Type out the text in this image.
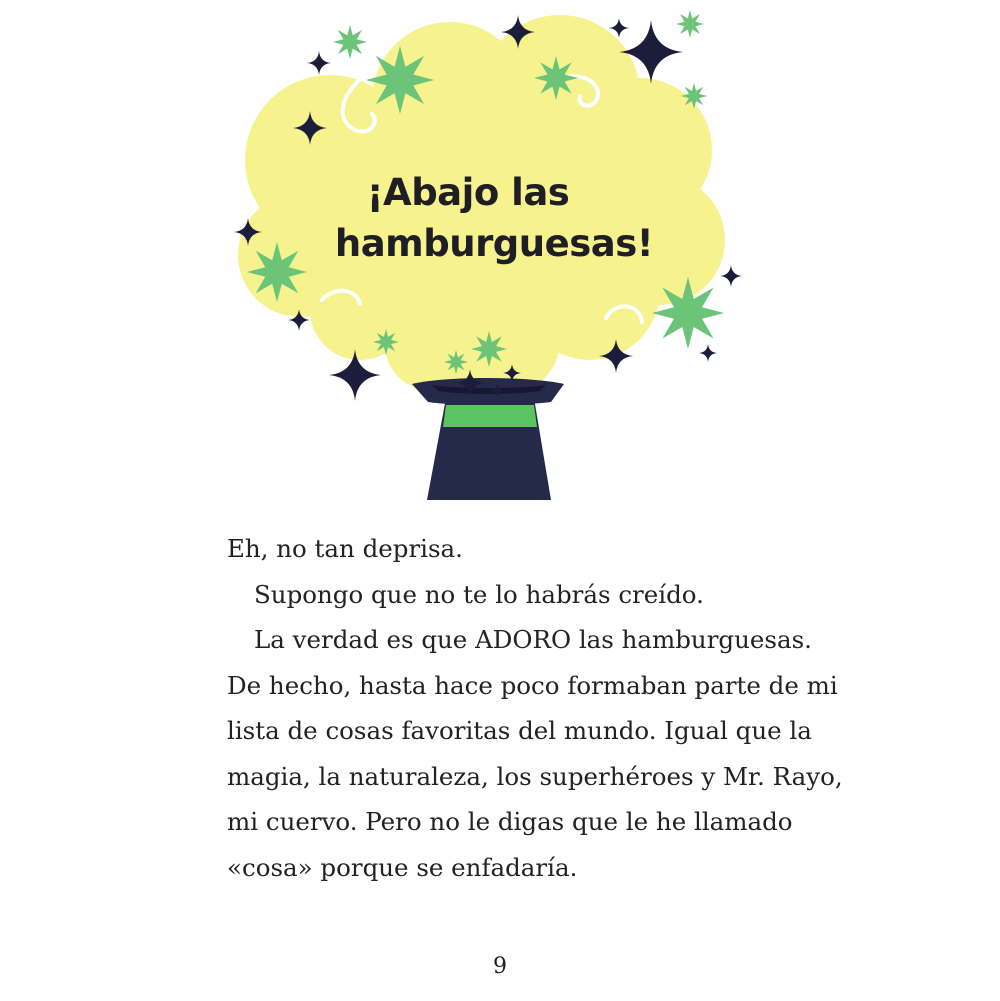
¡Abajo las
hamburguesas!

Eh, no tan deprisa.

Supongo que no te lo habrás creído.

La verdad es que ADORO las hamburguesas.

De hecho, hasta hace poco formaban parte de mi

lista de cosas favoritas del mundo. Igual que la

magia, la naturaleza, los superhéroes y Mr. Rayo,

mi cuervo. Pero no le digas que le he llamado

«cosa» porque se enfadaría.

9
